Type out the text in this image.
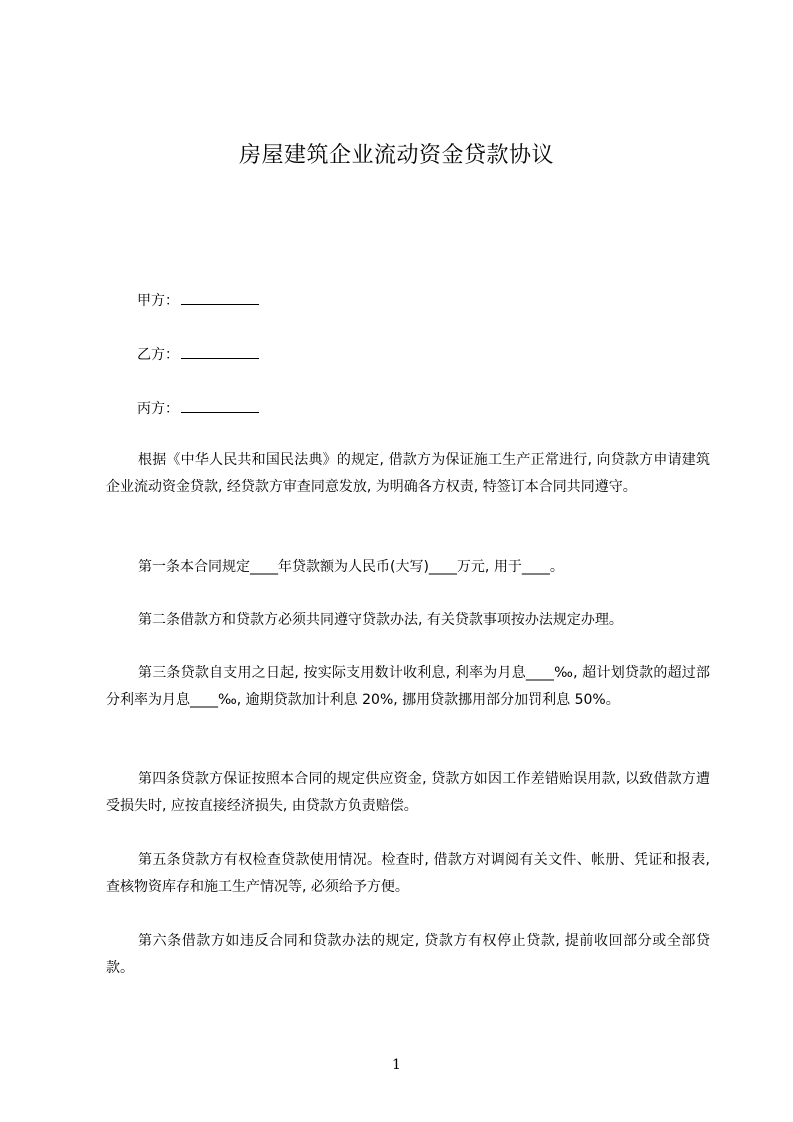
房屋建筑企业流动资金贷款协议
甲方：
乙方：
丙方：

根据《中华人民共和国民法典》的规定, 借款方为保证施工生产正常进行, 向贷款方申请建筑企业流动资金贷款, 经贷款方审查同意发放, 为明确各方权责, 特签订本合同共同遵守。

第一条本合同规定____年贷款额为人民币(大写)____万元, 用于____。

第二条借款方和贷款方必须共同遵守贷款办法, 有关贷款事项按办法规定办理。

第三条贷款自支用之日起, 按实际支用数计收利息, 利率为月息____‰, 超计划贷款的超过部分利率为月息____‰, 逾期贷款加计利息 20%, 挪用贷款挪用部分加罚利息 50%。

第四条贷款方保证按照本合同的规定供应资金, 贷款方如因工作差错贻误用款, 以致借款方遭受损失时, 应按直接经济损失, 由贷款方负责赔偿。

第五条贷款方有权检查贷款使用情况。检查时, 借款方对调阅有关文件、帐册、凭证和报表, 查核物资库存和施工生产情况等, 必须给予方便。

第六条借款方如违反合同和贷款办法的规定, 贷款方有权停止贷款, 提前收回部分或全部贷款。

1
